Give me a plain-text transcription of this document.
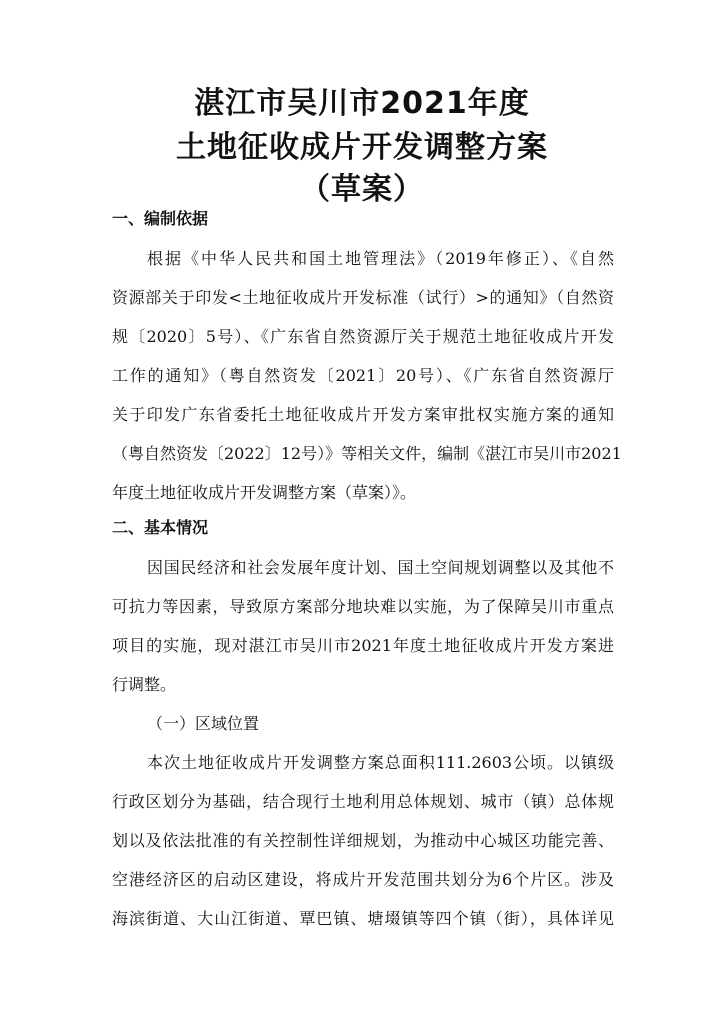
湛江市吴川市2021年度
土地征收成片开发调整方案
（草案）
一、编制依据
根据《中华人民共和国土地管理法》（2019年修正）、《自然
资源部关于印发<土地征收成片开发标准（试行）>的通知》（自然资
规〔2020〕5号）、《广东省自然资源厅关于规范土地征收成片开发
工作的通知》（粤自然资发〔2021〕20号）、《广东省自然资源厅
关于印发广东省委托土地征收成片开发方案审批权实施方案的通知
（粤自然资发〔2022〕12号）》等相关文件，编制《湛江市吴川市2021
年度土地征收成片开发调整方案（草案）》。
二、基本情况
因国民经济和社会发展年度计划、国土空间规划调整以及其他不
可抗力等因素，导致原方案部分地块难以实施，为了保障吴川市重点
项目的实施，现对湛江市吴川市2021年度土地征收成片开发方案进
行调整。
（一）区域位置
本次土地征收成片开发调整方案总面积111.2603公顷。以镇级
行政区划分为基础，结合现行土地利用总体规划、城市（镇）总体规
划以及依法批准的有关控制性详细规划，为推动中心城区功能完善、
空港经济区的启动区建设，将成片开发范围共划分为6个片区。涉及
海滨街道、大山江街道、覃巴镇、塘㙍镇等四个镇（街），具体详见
